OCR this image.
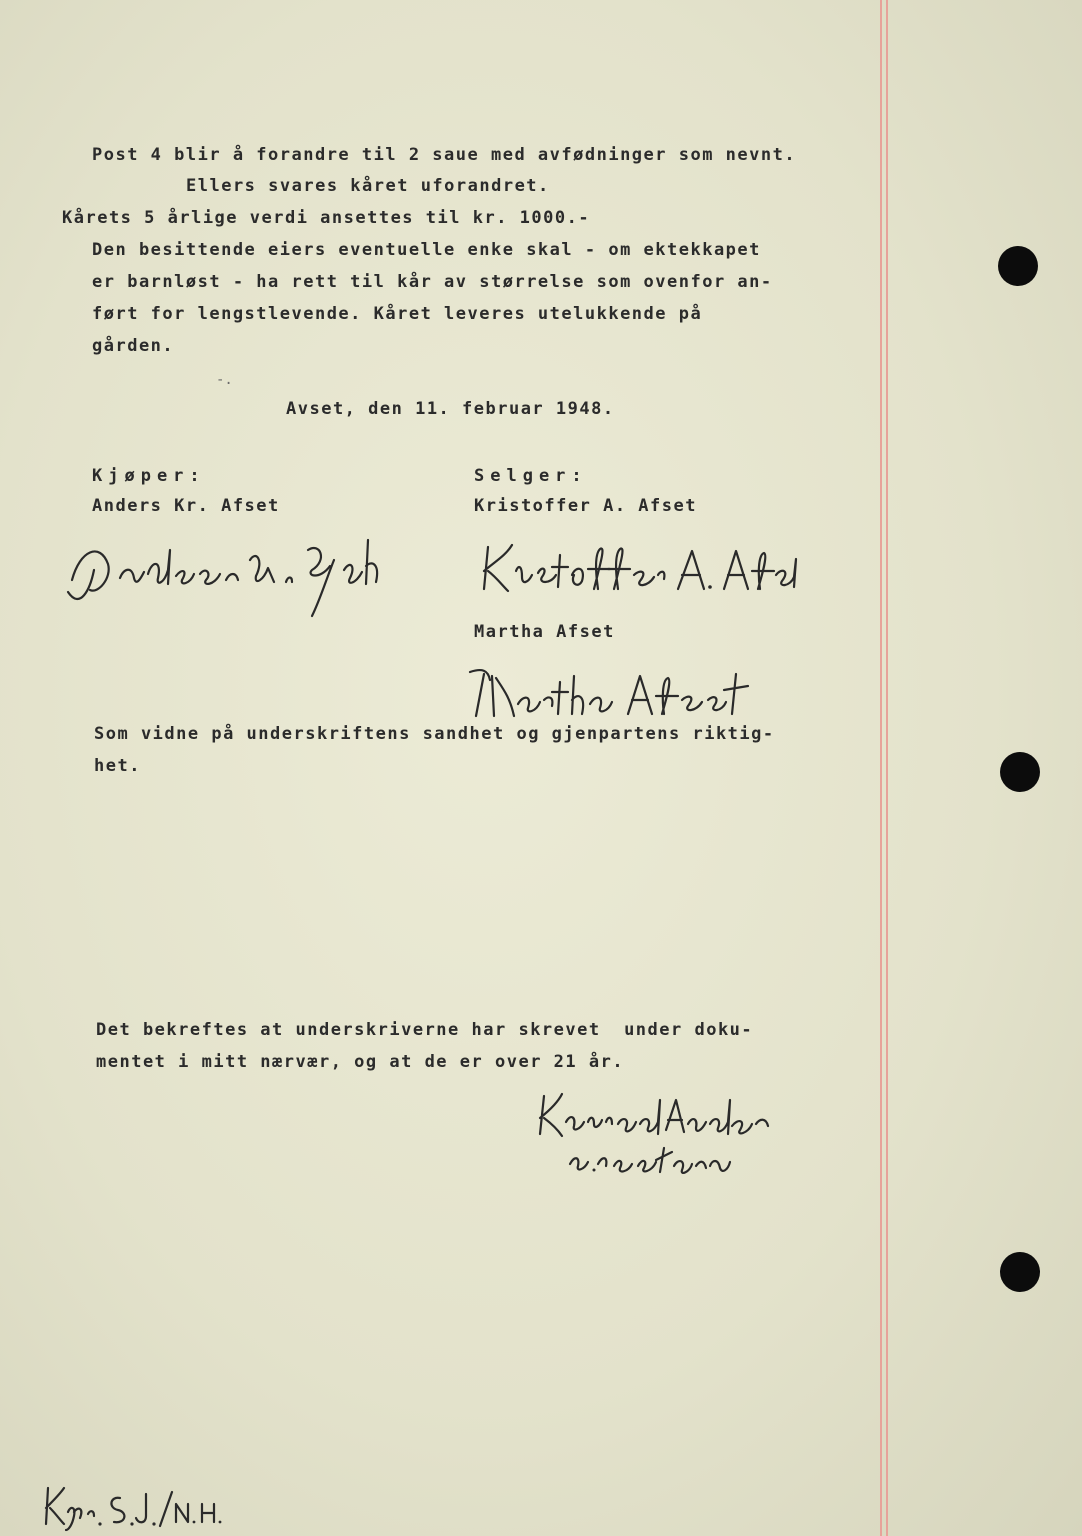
Post 4 blir å forandre til 2 saue med avfødninger som nevnt.

Ellers svares kåret uforandret.

Kårets 5 årlige verdi ansettes til kr. 1000.-

Den besittende eiers eventuelle enke skal - om ektekkapet

er barnløst - ha rett til kår av størrelse som ovenfor an-

ført for lengstlevende. Kåret leveres utelukkende på

gården.

-.

Avset, den 11. februar 1948.

Kjøper:

Anders Kr. Afset

Selger:

Kristoffer A. Afset

Martha Afset

Som vidne på underskriftens sandhet og gjenpartens riktig-

het.

Det bekreftes at underskriverne har skrevet  under doku-

mentet i mitt nærvær, og at de er over 21 år.
